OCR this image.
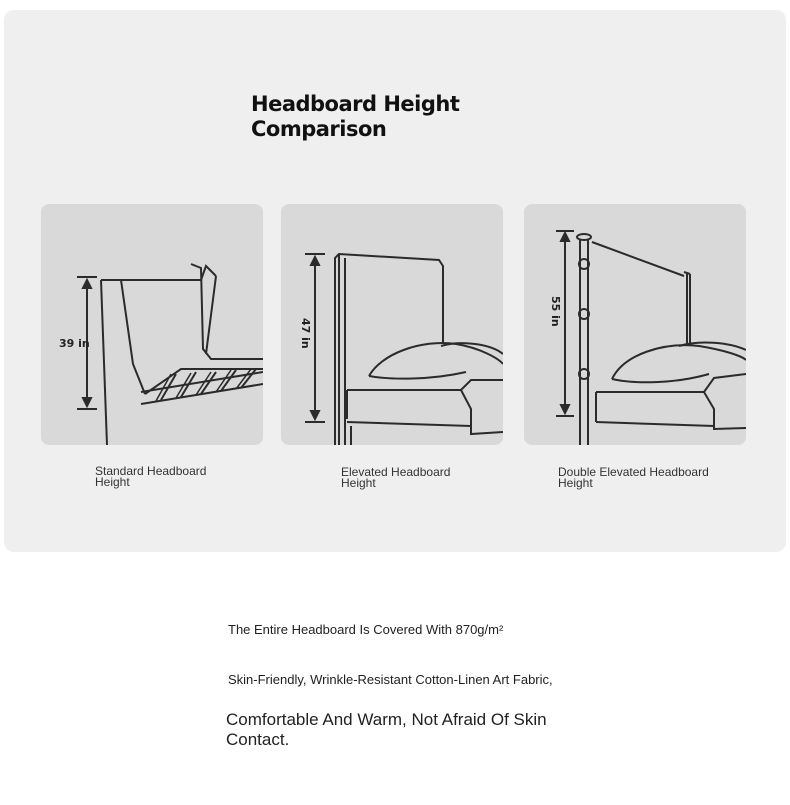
Headboard Height Comparison
39 in	47 in
55 in
Standard Headboard Height
Elevated Headboard Height
Double Elevated Headboard Height
The Entire Headboard Is Covered With 870g/m²
Skin-Friendly, Wrinkle-Resistant Cotton-Linen Art Fabric,
Comfortable And Warm, Not Afraid Of Skin Contact.
